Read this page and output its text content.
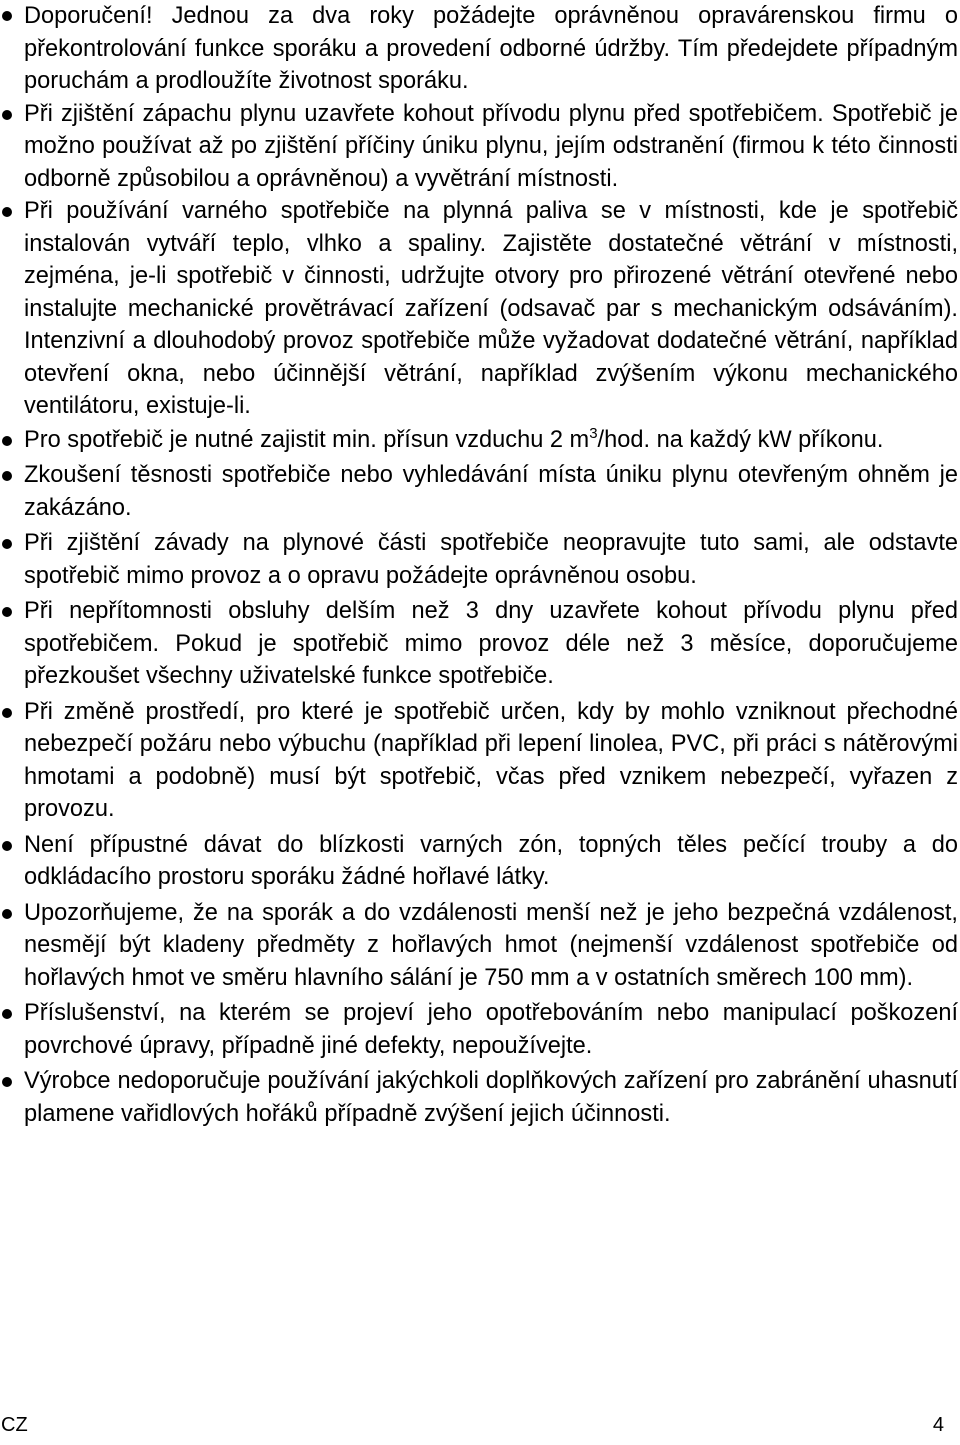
Doporučení! Jednou za dva roky požádejte oprávněnou opravárenskou firmu o překontrolování funkce sporáku a provedení odborné údržby. Tím předejdete případným poruchám a prodloužíte životnost sporáku.
Při zjištění zápachu plynu uzavřete kohout přívodu plynu před spotřebičem. Spotřebič je možno používat až po zjištění příčiny úniku plynu, jejím odstranění (firmou k této činnosti odborně způsobilou a oprávněnou) a vyvětrání místnosti.
Při používání varného spotřebiče na plynná paliva se v místnosti, kde je spotřebič instalován vytváří teplo, vlhko a spaliny. Zajistěte dostatečné větrání v místnosti, zejména, je-li spotřebič v činnosti, udržujte otvory pro přirozené větrání otevřené nebo instalujte mechanické provětrávací zařízení (odsavač par s mechanickým odsáváním). Intenzivní a dlouhodobý provoz spotřebiče může vyžadovat dodatečné větrání, například otevření okna, nebo účinnější větrání, například zvýšením výkonu mechanického ventilátoru, existuje-li.
Pro spotřebič je nutné zajistit min. přísun vzduchu 2 $m^3$/hod. na každý kW příkonu.
Zkoušení těsnosti spotřebiče nebo vyhledávání místa úniku plynu otevřeným ohněm je zakázáno.
Při zjištění závady na plynové části spotřebiče neopravujte tuto sami, ale odstavte spotřebič mimo provoz a o opravu požádejte oprávněnou osobu.
Při nepřítomnosti obsluhy delším než 3 dny uzavřete kohout přívodu plynu před spotřebičem. Pokud je spotřebič mimo provoz déle než 3 měsíce, doporučujeme přezkoušet všechny uživatelské funkce spotřebiče.
Při změně prostředí, pro které je spotřebič určen, kdy by mohlo vzniknout přechodné nebezpečí požáru nebo výbuchu (například při lepení linolea, PVC, při práci s nátěrovými hmotami a podobně) musí být spotřebič, včas před vznikem nebezpečí, vyřazen z provozu.
Není přípustné dávat do blízkosti varných zón, topných těles pečící trouby a do odkládacího prostoru sporáku žádné hořlavé látky.
Upozorňujeme, že na sporák a do vzdálenosti menší než je jeho bezpečná vzdálenost, nesmějí být kladeny předměty z hořlavých hmot (nejmenší vzdálenost spotřebiče od hořlavých hmot ve směru hlavního sálání je 750 mm a v ostatních směrech 100 mm).
Příslušenství, na kterém se projeví jeho opotřebováním nebo manipulací poškození povrchové úpravy, případně jiné defekty, nepoužívejte.
Výrobce nedoporučuje používání jakýchkoli doplňkových zařízení pro zabránění uhasnutí plamene vařidlových hořáků případně zvýšení jejich účinnosti.
CZ	4
